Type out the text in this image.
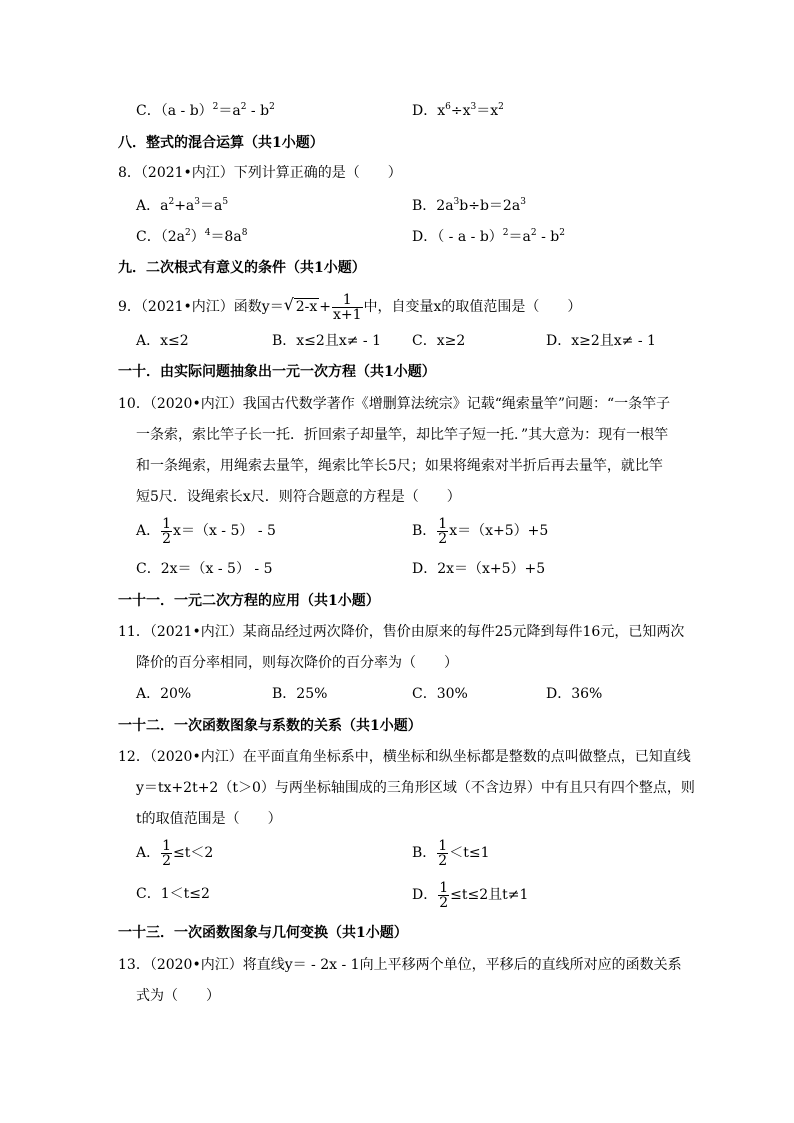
C．$(a - b)^2=a^2 - b^2$	D．$x^6\div x^3=x^2$
八．整式的混合运算（共1小题）
8．（2021•内江）下列计算正确的是（　　）
A．$a^2+a^3=a^5$	B．$2a^3b\div b=2a^3$
C．$(2a^2)^4=8a^8$	D．（ - $a - b)^2=a^2 - b^2$
九．二次根式有意义的条件（共1小题）
9．（2021•内江）函数y＝ √ $2-x + \frac{1}{x+1}$ 中，自变量x的取值范围是（　　）
A．x≤2	B．x≤2且x≠ - 1 C．x≥2	D．x≥2且x≠ - 1
一十．由实际问题抽象出一元一次方程（共1小题）
10．（2020•内江）我国古代数学著作《增删算法统宗》记载“绳索量竿”问题：“一条竿子
一条索，索比竿子长一托．折回索子却量竿，却比竿子短一托．”其大意为：现有一根竿
和一条绳索，用绳索去量竿，绳索比竿长5尺；如果将绳索对半折后再去量竿，就比竿
短5尺．设绳索长x尺．则符合题意的方程是（　　）
A． $\frac{1}{2} x=(x - 5) - 5$	B． $\frac{1}{2} x=(x+5)+5$
C．2x＝（x - 5） - 5	D．2x＝（x+5）+5
一十一．一元二次方程的应用（共1小题）
11．（2021•内江）某商品经过两次降价，售价由原来的每件25元降到每件16元，已知两次
降价的百分率相同，则每次降价的百分率为（　　）
A．20%	B．25%	C．30%	D．36%
一十二．一次函数图象与系数的关系（共1小题）
12．（2020•内江）在平面直角坐标系中，横坐标和纵坐标都是整数的点叫做整点，已知直线
y＝tx+2t+2（t＞0）与两坐标轴围成的三角形区域（不含边界）中有且只有四个整点，则
t的取值范围是（　　）
A． $\frac{1}{2} \le t<2$	B． $\frac{1}{2} <t\le 1$
C．1＜t≤2	D． $\frac{1}{2} \le t\le 2$且t≠1
一十三．一次函数图象与几何变换（共1小题）
13．（2020•内江）将直线y＝ - 2x - 1向上平移两个单位，平移后的直线所对应的函数关系
式为（　　）
